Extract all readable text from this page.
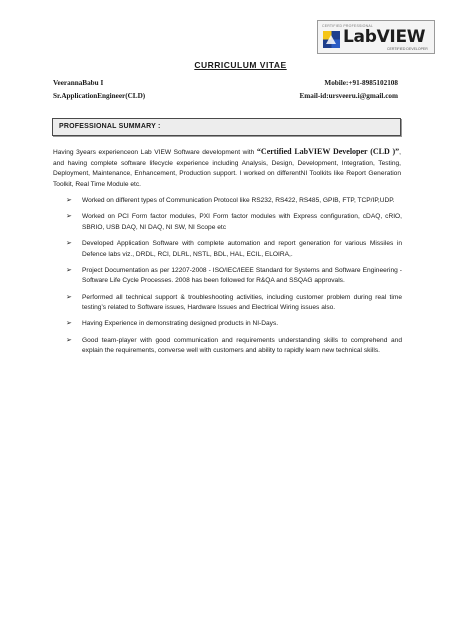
CERTIFIED PROFESSIONAL
LabVIEW
CERTIFIED DEVELOPER
CURRICULUM VITAE
VeerannaBabu I	Mobile:+91-8985102108
Sr.ApplicationEngineer(CLD)	Email-id:ursveeru.i@gmail.com
PROFESSIONAL SUMMARY :

Having 3years experienceon Lab VIEW Software development with “Certified LabVIEW Developer (CLD )”, and having complete software lifecycle experience including Analysis, Design, Development, Integration, Testing, Deployment, Maintenance, Enhancement, Production support. I worked on differentNI Toolkits like Report Generation Toolkit, Real Time Module etc.

➢ Worked on different types of Communication Protocol like RS232, RS422, RS485, GPIB, FTP, TCP/IP,UDP.
➢ Worked on PCI Form factor modules, PXI Form factor modules with Express configuration, cDAQ, cRIO, SBRIO, USB DAQ, NI DAQ, NI SW, NI Scope etc
➢ Developed Application Software with complete automation and report generation for various Missiles in Defence labs viz., DRDL, RCI, DLRL, NSTL, BDL, HAL, ECIL, ELOIRA,.
➢ Project Documentation as per 12207-2008 - ISO/IEC/IEEE Standard for Systems and Software Engineering - Software Life Cycle Processes. 2008 has been followed for R&QA and SSQAG approvals.
➢ Performed all technical support & troubleshooting activities, including customer problem during real time testing’s related to Software issues, Hardware Issues and Electrical Wiring issues also.
➢ Having Experience in demonstrating designed products in NI-Days.
➢ Good team-player with good communication and requirements understanding skills to comprehend and explain the requirements, converse well with customers and ability to rapidly learn new technical skills.
